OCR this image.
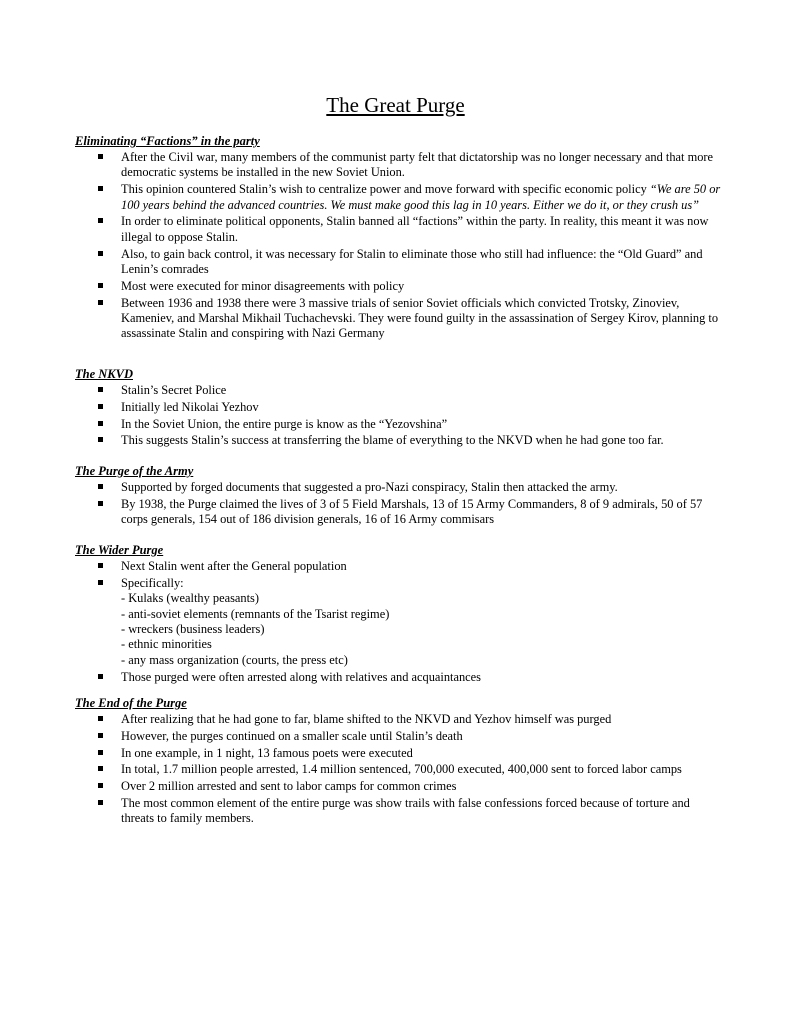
The Great Purge
Eliminating “Factions” in the party
After the Civil war, many members of the communist party felt that dictatorship was no longer necessary and that more democratic systems be installed in the new Soviet Union.
This opinion countered Stalin’s wish to centralize power and move forward with specific economic policy “We are 50 or 100 years behind the advanced countries. We must make good this lag in 10 years. Either we do it, or they crush us”
In order to eliminate political opponents, Stalin banned all “factions” within the party. In reality, this meant it was now illegal to oppose Stalin.
Also, to gain back control, it was necessary for Stalin to eliminate those who still had influence: the “Old Guard” and Lenin’s comrades
Most were executed for minor disagreements with policy
Between 1936 and 1938 there were 3 massive trials of senior Soviet officials which convicted Trotsky, Zinoviev, Kameniev, and Marshal Mikhail Tuchachevski. They were found guilty in the assassination of Sergey Kirov, planning to assassinate Stalin and conspiring with Nazi Germany
The NKVD
Stalin’s Secret Police
Initially led Nikolai Yezhov
In the Soviet Union, the entire purge is know as the “Yezovshina”
This suggests Stalin’s success at transferring the blame of everything to the NKVD when he had gone too far.
The Purge of the Army
Supported by forged documents that suggested a pro-Nazi conspiracy, Stalin then attacked the army.
By 1938, the Purge claimed the lives of 3 of 5 Field Marshals, 13 of 15 Army Commanders, 8 of 9 admirals, 50 of 57 corps generals, 154 out of 186 division generals, 16 of 16 Army commisars
The Wider Purge
Next Stalin went after the General population
Specifically:
- Kulaks (wealthy peasants)
- anti-soviet elements (remnants of the Tsarist regime)
- wreckers (business leaders)
- ethnic minorities
- any mass organization (courts, the press etc)
Those purged were often arrested along with relatives and acquaintances
The End of the Purge
After realizing that he had gone to far, blame shifted to the NKVD and Yezhov himself was purged
However, the purges continued on a smaller scale until Stalin’s death
In one example, in 1 night, 13 famous poets were executed
In total, 1.7 million people arrested, 1.4 million sentenced, 700,000 executed, 400,000 sent to forced labor camps
Over 2 million arrested and sent to labor camps for common crimes
The most common element of the entire purge was show trails with false confessions forced because of torture and threats to family members.
